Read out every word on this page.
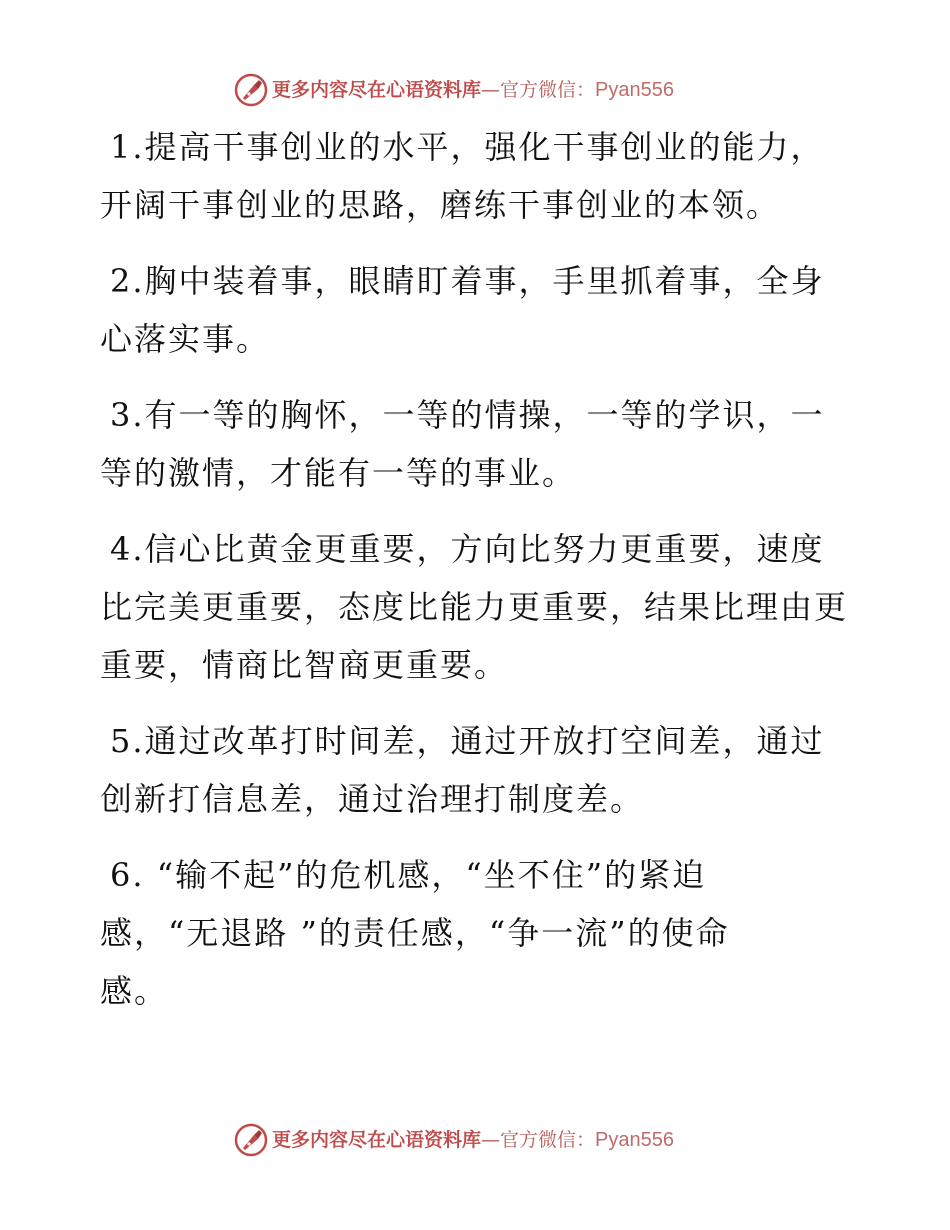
更多内容尽在心语资料库—官方微信：Pyan556

1.提高干事创业的水平，强化干事创业的能力，

开阔干事创业的思路，磨练干事创业的本领。

2.胸中装着事，眼睛盯着事，手里抓着事，全身

心落实事。

3.有一等的胸怀，一等的情操，一等的学识，一

等的激情，才能有一等的事业。

4.信心比黄金更重要，方向比努力更重要，速度

比完美更重要，态度比能力更重要，结果比理由更

重要，情商比智商更重要。

5.通过改革打时间差，通过开放打空间差，通过

创新打信息差，通过治理打制度差。

6. “输不起”的危机感，“坐不住”的紧迫

感，“无退路 ”的责任感，“争一流”的使命

感。

更多内容尽在心语资料库—官方微信：Pyan556
